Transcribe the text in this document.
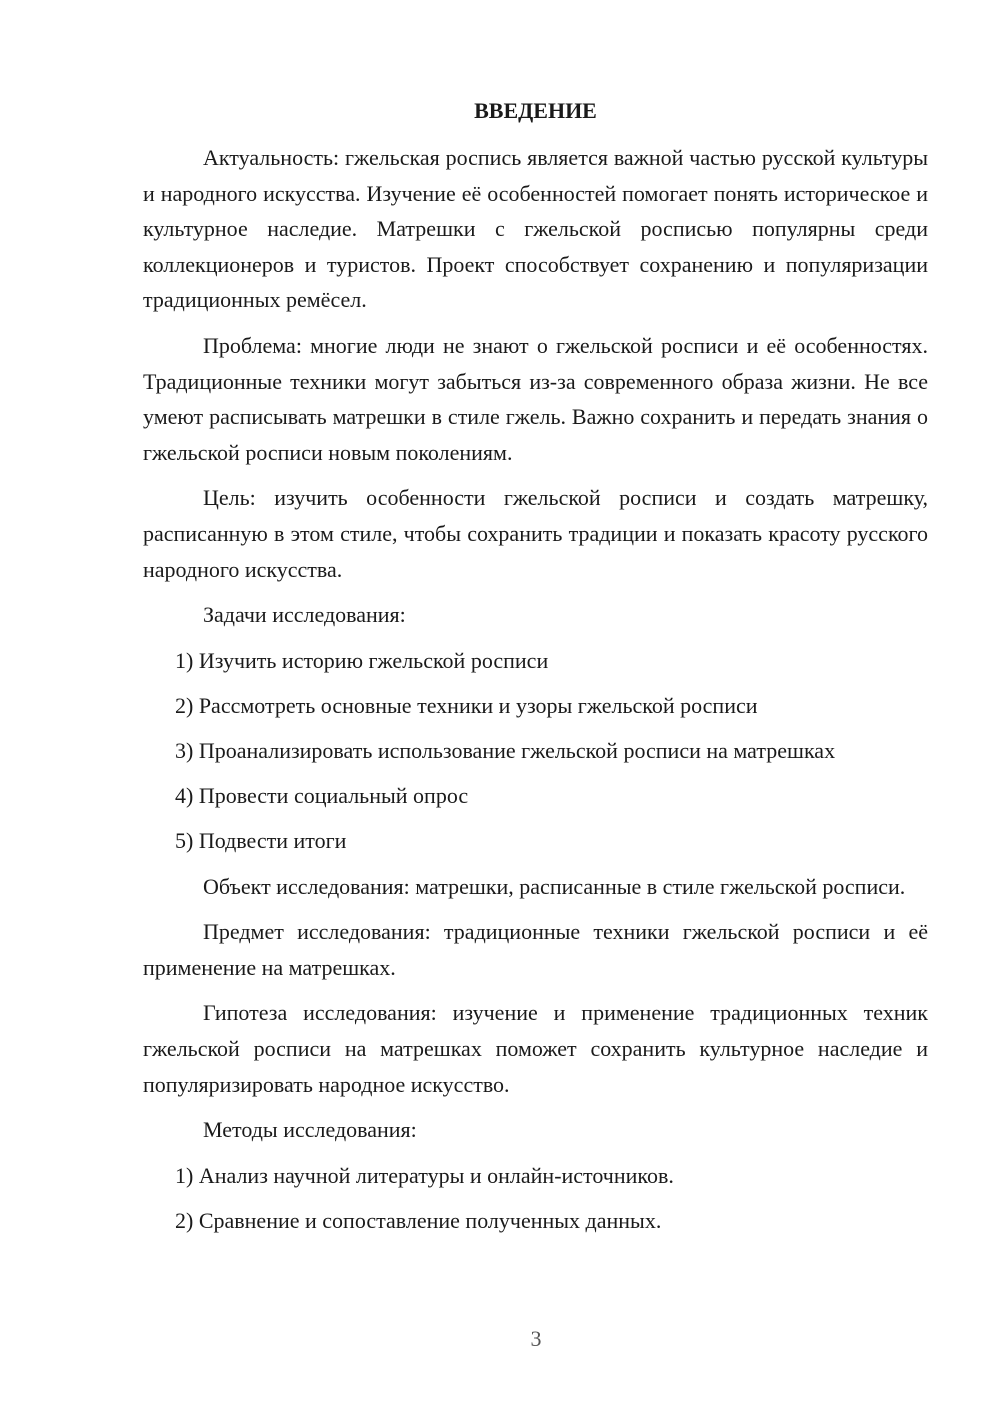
ВВЕДЕНИЕ

Актуальность: гжельская роспись является важной частью русской культуры и народного искусства. Изучение её особенностей помогает понять историческое и культурное наследие. Матрешки с гжельской росписью популярны среди коллекционеров и туристов. Проект способствует сохранению и популяризации традиционных ремёсел.

Проблема: многие люди не знают о гжельской росписи и её особенностях. Традиционные техники могут забыться из-за современного образа жизни. Не все умеют расписывать матрешки в стиле гжель. Важно сохранить и передать знания о гжельской росписи новым поколениям.

Цель: изучить особенности гжельской росписи и создать матрешку, расписанную в этом стиле, чтобы сохранить традиции и показать красоту русского народного искусства.

Задачи исследования:

1) Изучить историю гжельской росписи
2) Рассмотреть основные техники и узоры гжельской росписи
3) Проанализировать использование гжельской росписи на матрешках
4) Провести социальный опрос
5) Подвести итоги

Объект исследования: матрешки, расписанные в стиле гжельской росписи.

Предмет исследования: традиционные техники гжельской росписи и её применение на матрешках.

Гипотеза исследования: изучение и применение традиционных техник гжельской росписи на матрешках поможет сохранить культурное наследие и популяризировать народное искусство.

Методы исследования:

1) Анализ научной литературы и онлайн-источников.
2) Сравнение и сопоставление полученных данных.
3
